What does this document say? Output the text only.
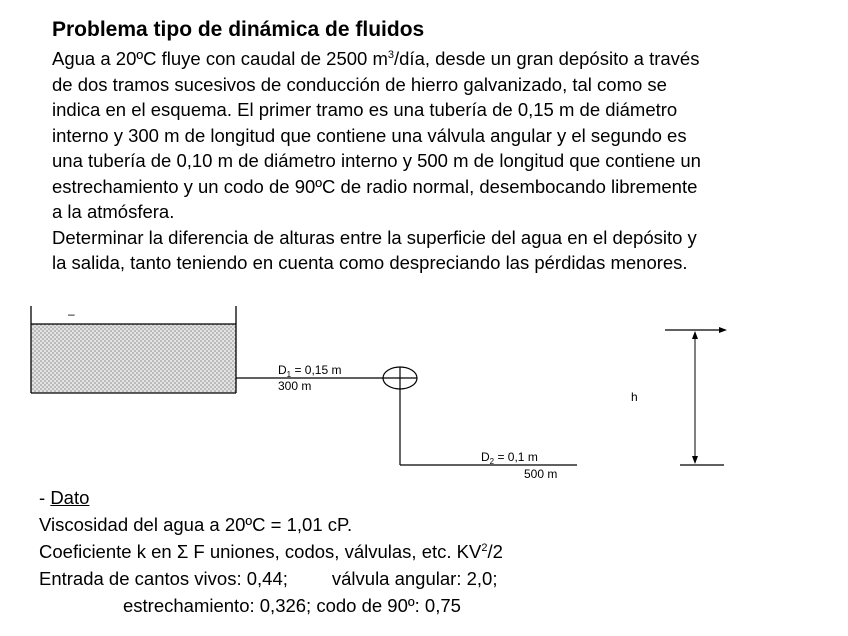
Problema tipo de dinámica de fluidos
Agua a 20ºC fluye con caudal de 2500 $m^3$/día, desde un gran depósito a través
de dos tramos sucesivos de conducción de hierro galvanizado, tal como se
indica en el esquema. El primer tramo es una tubería de 0,15 m de diámetro
interno y 300 m de longitud que contiene una válvula angular y el segundo es
una tubería de 0,10 m de diámetro interno y 500 m de longitud que contiene un
estrechamiento y un codo de 90ºC de radio normal, desembocando libremente
a la atmósfera.
Determinar la diferencia de alturas entre la superficie del agua en el depósito y
la salida, tanto teniendo en cuenta como despreciando las pérdidas menores.
–
$D_1 = 0,15$ m
300 m
$D_2 = 0,1$ m
500 m
h
- Dato
Viscosidad del agua a 20ºC = 1,01 cP.
Coeficiente k en Σ F uniones, codos, válvulas, etc. $KV^2/2$
Entrada de cantos vivos: 0,44; válvula angular: 2,0;
estrechamiento: 0,326; codo de 90º: 0,75
